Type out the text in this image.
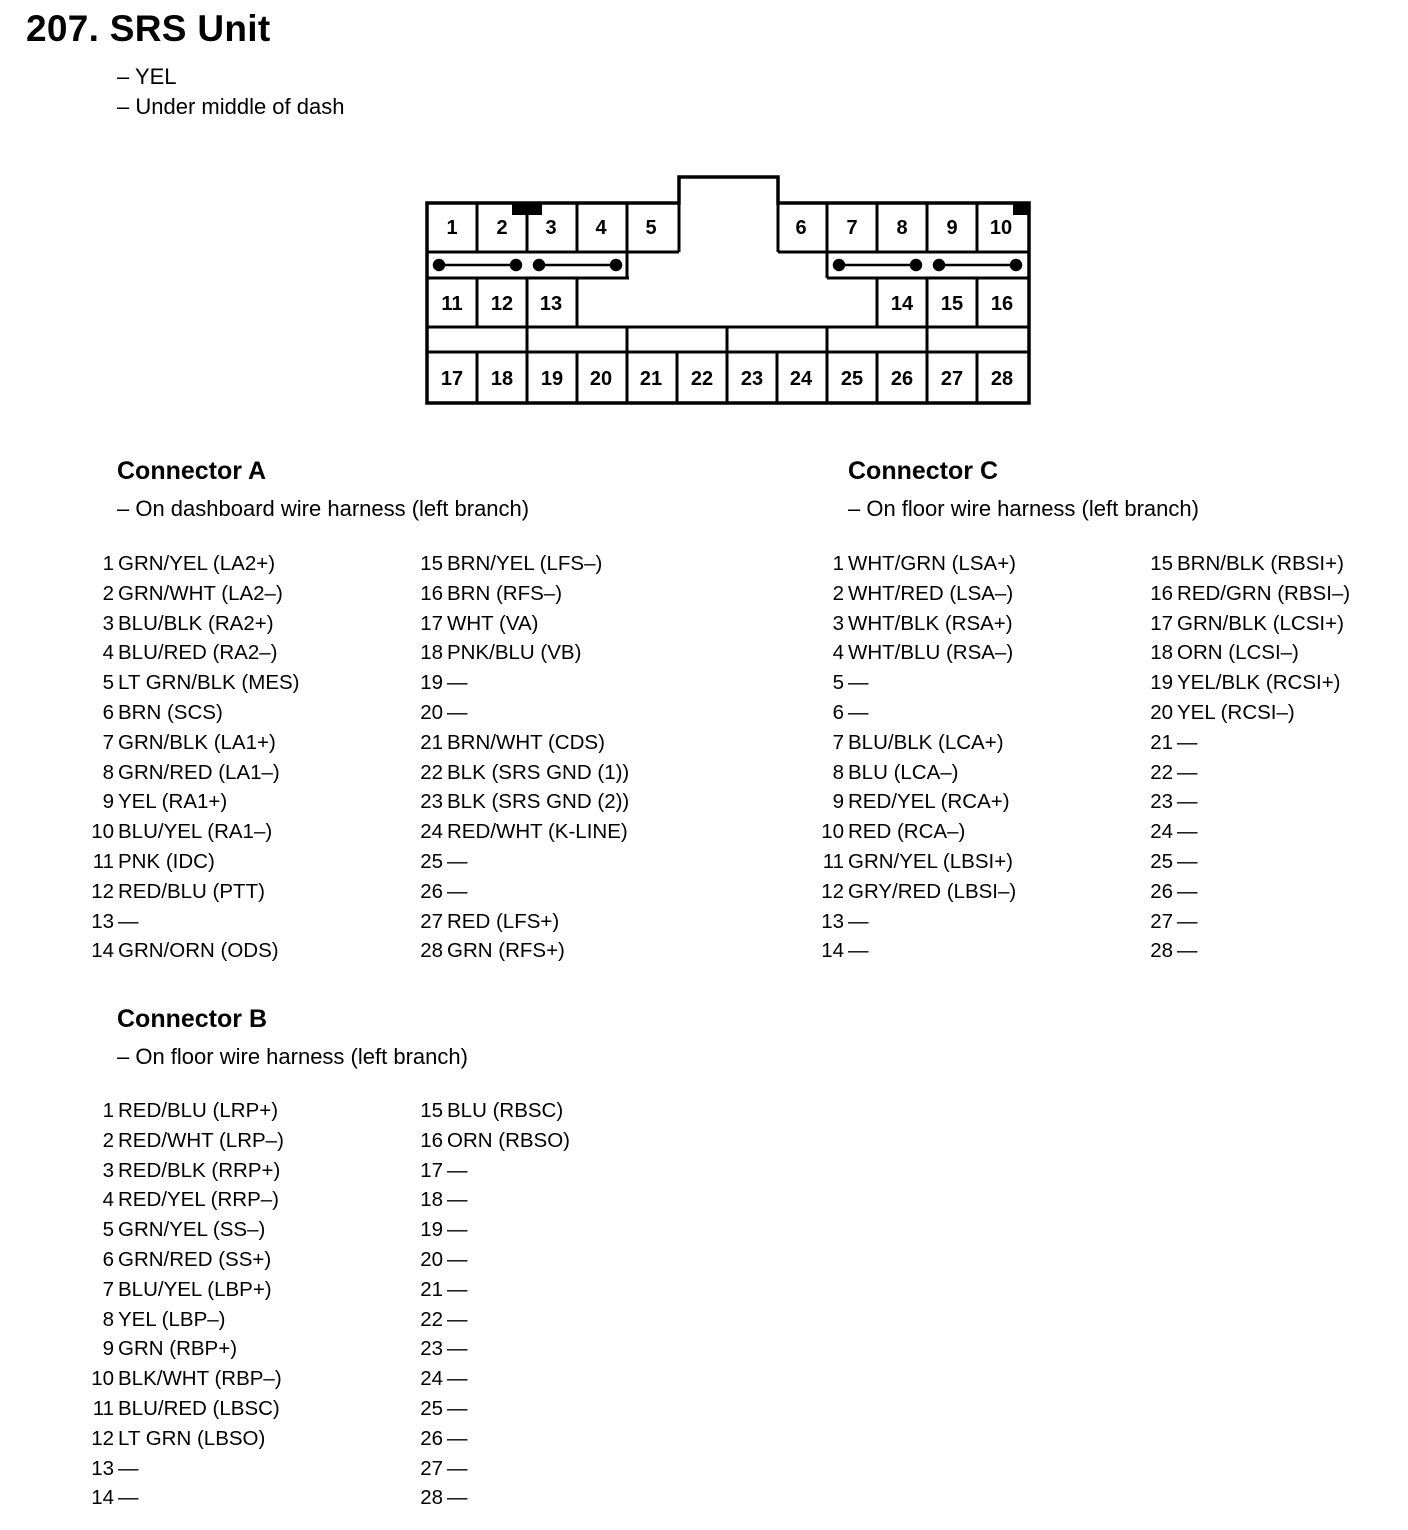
207. SRS Unit
– YEL
– Under middle of dash
1 2 3 4 5	6 7 8 9 10
11 12 13	14 15 16
17 18 19 20 21 22 23 24 25 26 27 28
Connector A
– On dashboard wire harness (left branch)
1 GRN/YEL (LA2+)
2 GRN/WHT (LA2–)
3 BLU/BLK (RA2+)
4 BLU/RED (RA2–)
5 LT GRN/BLK (MES)
6 BRN (SCS)
7 GRN/BLK (LA1+)
8 GRN/RED (LA1–)
9 YEL (RA1+)
10 BLU/YEL (RA1–)
11 PNK (IDC)
12 RED/BLU (PTT)
13 —
14 GRN/ORN (ODS)
15 BRN/YEL (LFS–)
16 BRN (RFS–)
17 WHT (VA)
18 PNK/BLU (VB)
19 —
20 —
21 BRN/WHT (CDS)
22 BLK (SRS GND (1))
23 BLK (SRS GND (2))
24 RED/WHT (K-LINE)
25 —
26 —
27 RED (LFS+)
28 GRN (RFS+)
Connector C
– On floor wire harness (left branch)
1 WHT/GRN (LSA+)
2 WHT/RED (LSA–)
3 WHT/BLK (RSA+)
4 WHT/BLU (RSA–)
5 —
6 —
7 BLU/BLK (LCA+)
8 BLU (LCA–)
9 RED/YEL (RCA+)
10 RED (RCA–)
11 GRN/YEL (LBSI+)
12 GRY/RED (LBSI–)
13 —
14 —
15 BRN/BLK (RBSI+)
16 RED/GRN (RBSI–)
17 GRN/BLK (LCSI+)
18 ORN (LCSI–)
19 YEL/BLK (RCSI+)
20 YEL (RCSI–)
21 —
22 —
23 —
24 —
25 —
26 —
27 —
28 —
Connector B
– On floor wire harness (left branch)
1 RED/BLU (LRP+)
2 RED/WHT (LRP–)
3 RED/BLK (RRP+)
4 RED/YEL (RRP–)
5 GRN/YEL (SS–)
6 GRN/RED (SS+)
7 BLU/YEL (LBP+)
8 YEL (LBP–)
9 GRN (RBP+)
10 BLK/WHT (RBP–)
11 BLU/RED (LBSC)
12 LT GRN (LBSO)
13 —
14 —
15 BLU (RBSC)
16 ORN (RBSO)
17 —
18 —
19 —
20 —
21 —
22 —
23 —
24 —
25 —
26 —
27 —
28 —
